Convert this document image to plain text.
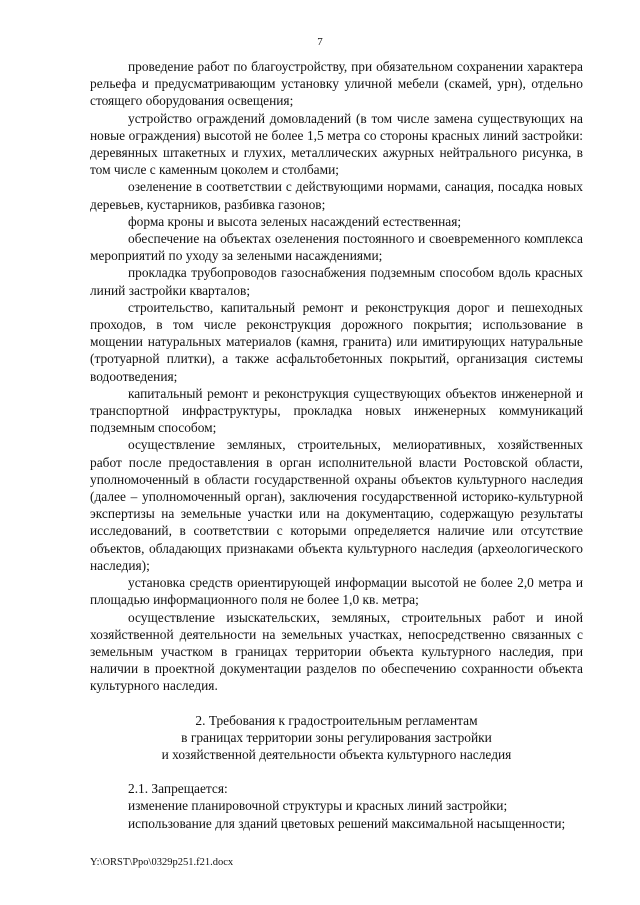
7

проведение работ по благоустройству, при обязательном сохранении характера рельефа и предусматривающим установку уличной мебели (скамей, урн), отдельно стоящего оборудования освещения;

устройство ограждений домовладений (в том числе замена существующих на новые ограждения) высотой не более 1,5 метра со стороны красных линий застройки: деревянных штакетных и глухих, металлических ажурных нейтрального рисунка, в том числе с каменным цоколем и столбами;

озеленение в соответствии с действующими нормами, санация, посадка новых деревьев, кустарников, разбивка газонов;

форма кроны и высота зеленых насаждений естественная;

обеспечение на объектах озеленения постоянного и своевременного комплекса мероприятий по уходу за зелеными насаждениями;

прокладка трубопроводов газоснабжения подземным способом вдоль красных линий застройки кварталов;

строительство, капитальный ремонт и реконструкция дорог и пешеходных проходов, в том числе реконструкция дорожного покрытия; использование в мощении натуральных материалов (камня, гранита) или имитирующих натуральные (тротуарной плитки), а также асфальтобетонных покрытий, организация системы водоотведения;

капитальный ремонт и реконструкция существующих объектов инженерной и транспортной инфраструктуры, прокладка новых инженерных коммуникаций подземным способом;

осуществление земляных, строительных, мелиоративных, хозяйственных работ после предоставления в орган исполнительной власти Ростовской области, уполномоченный в области государственной охраны объектов культурного наследия (далее – уполномоченный орган), заключения государственной историко-культурной экспертизы на земельные участки или на документацию, содержащую результаты исследований, в соответствии с которыми определяется наличие или отсутствие объектов, обладающих признаками объекта культурного наследия (археологического наследия);

установка средств ориентирующей информации высотой не более 2,0 метра и площадью информационного поля не более 1,0 кв. метра;

осуществление изыскательских, земляных, строительных работ и иной хозяйственной деятельности на земельных участках, непосредственно связанных с земельным участком в границах территории объекта культурного наследия, при наличии в проектной документации разделов по обеспечению сохранности объекта культурного наследия.

2. Требования к градостроительным регламентам
в границах территории зоны регулирования застройки
и хозяйственной деятельности объекта культурного наследия

2.1. Запрещается:

изменение планировочной структуры и красных линий застройки;

использование для зданий цветовых решений максимальной насыщенности;

Y:\ORST\Ppo\0329p251.f21.docx
